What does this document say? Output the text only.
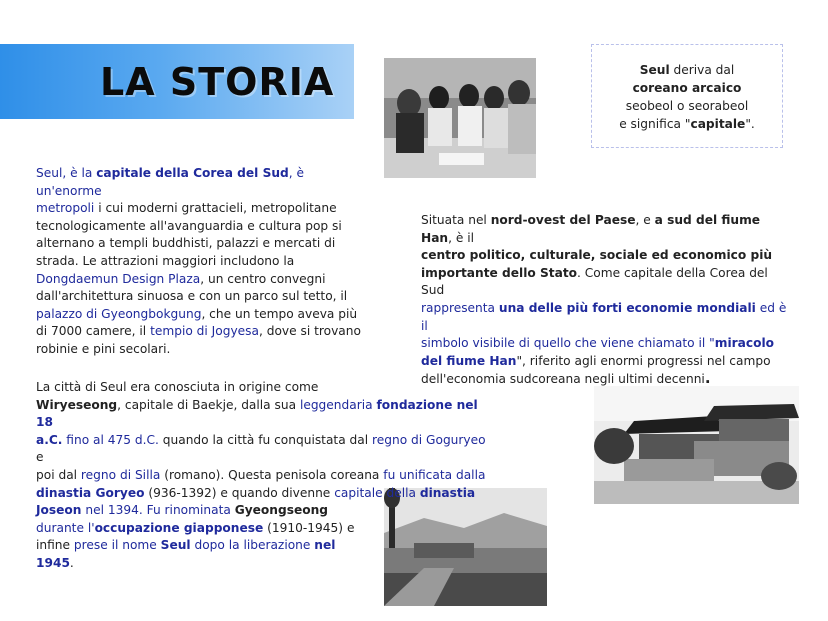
LA STORIA	Seul deriva dal
coreano arcaico
seobeol o seorabeol
e significa "capitale".
Seul, è la capitale della Corea del Sud, è un'enorme
metropoli i cui moderni grattacieli, metropolitane
tecnologicamente all'avanguardia e cultura pop si
alternano a templi buddhisti, palazzi e mercati di
strada. Le attrazioni maggiori includono la
Dongdaemun Design Plaza, un centro convegni
dall'architettura sinuosa e con un parco sul tetto, il
palazzo di Gyeongbokgung, che un tempo aveva più
di 7000 camere, il tempio di Jogyesa, dove si trovano
robinie e pini secolari.
Situata nel nord-ovest del Paese, e a sud del fiume Han, è il
centro politico, culturale, sociale ed economico più
importante dello Stato. Come capitale della Corea del Sud
rappresenta una delle più forti economie mondiali ed è il
simbolo visibile di quello che viene chiamato il "miracolo
del fiume Han", riferito agli enormi progressi nel campo
dell'economia sudcoreana negli ultimi decenni.
La città di Seul era conosciuta in origine come
Wiryeseong, capitale di Baekje, dalla sua leggendaria fondazione nel 18
a.C. fino al 475 d.C. quando la città fu conquistata dal regno di Goguryeo e
poi dal regno di Silla (romano). Questa penisola coreana fu unificata dalla
dinastia Goryeo (936-1392) e quando divenne capitale della dinastia
Joseon nel 1394. Fu rinominata Gyeongseong
durante l'occupazione giapponese (1910-1945) e
infine prese il nome Seul dopo la liberazione nel
1945.
